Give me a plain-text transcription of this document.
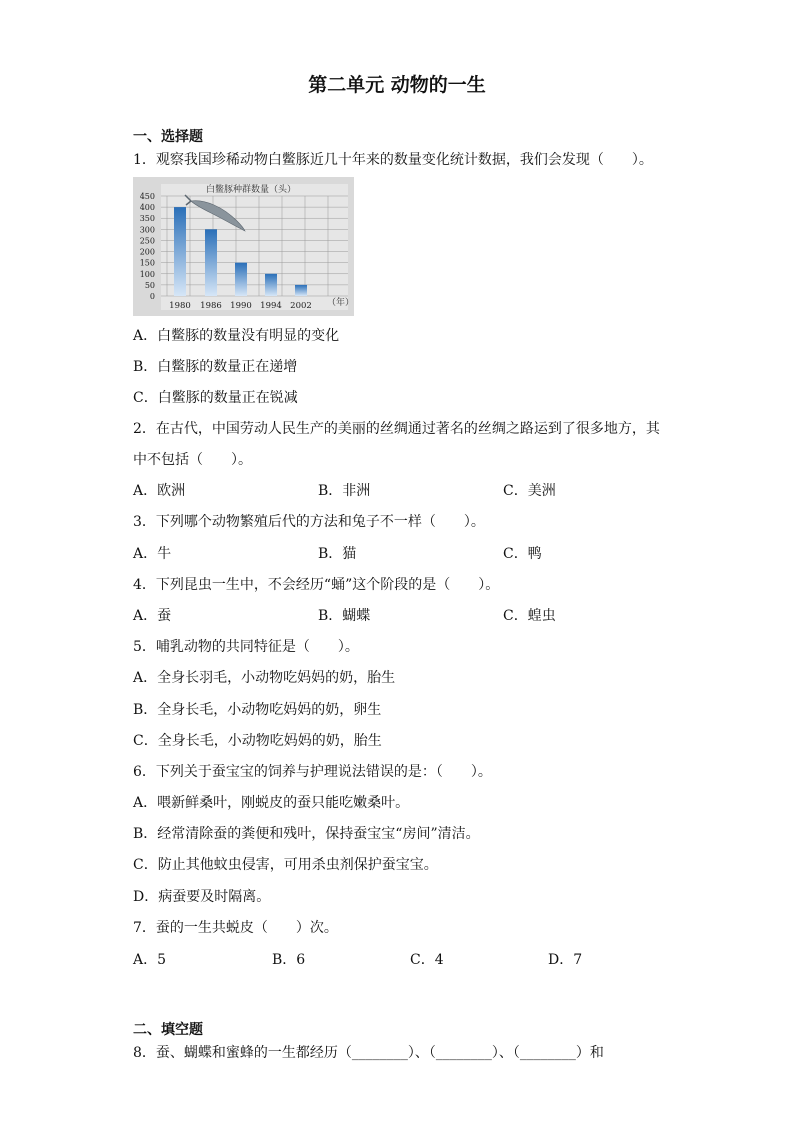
第二单元 动物的一生
一、选择题
1．观察我国珍稀动物白鳖豚近几十年来的数量变化统计数据，我们会发现（　　）。
白鳖豚种群数量（头）
450
400
350
300
250
200
150
100
50
0
1980 1986 1990 1994 2002 （年）
A．白鳖豚的数量没有明显的变化
B．白鳖豚的数量正在递增
C．白鳖豚的数量正在锐减
2．在古代，中国劳动人民生产的美丽的丝绸通过著名的丝绸之路运到了很多地方，其
中不包括（　　）。
A．欧洲	B．非洲	C．美洲
3．下列哪个动物繁殖后代的方法和兔子不一样（　　）。
A．牛	B．猫	C．鸭
4．下列昆虫一生中，不会经历“蛹”这个阶段的是（　　）。
A．蚕	B．蝴蝶	C．蝗虫
5．哺乳动物的共同特征是（　　）。
A．全身长羽毛，小动物吃妈妈的奶，胎生
B．全身长毛，小动物吃妈妈的奶，卵生
C．全身长毛，小动物吃妈妈的奶，胎生
6．下列关于蚕宝宝的饲养与护理说法错误的是：（　　）。
A．喂新鲜桑叶，刚蜕皮的蚕只能吃嫩桑叶。
B．经常清除蚕的粪便和残叶，保持蚕宝宝“房间”清洁。
C．防止其他蚊虫侵害，可用杀虫剂保护蚕宝宝。
D．病蚕要及时隔离。
7．蚕的一生共蜕皮（　　）次。
A．5	B．6	C．4	D．7
二、填空题
8．蚕、蝴蝶和蜜蜂的一生都经历（________）、（________）、（________）和
